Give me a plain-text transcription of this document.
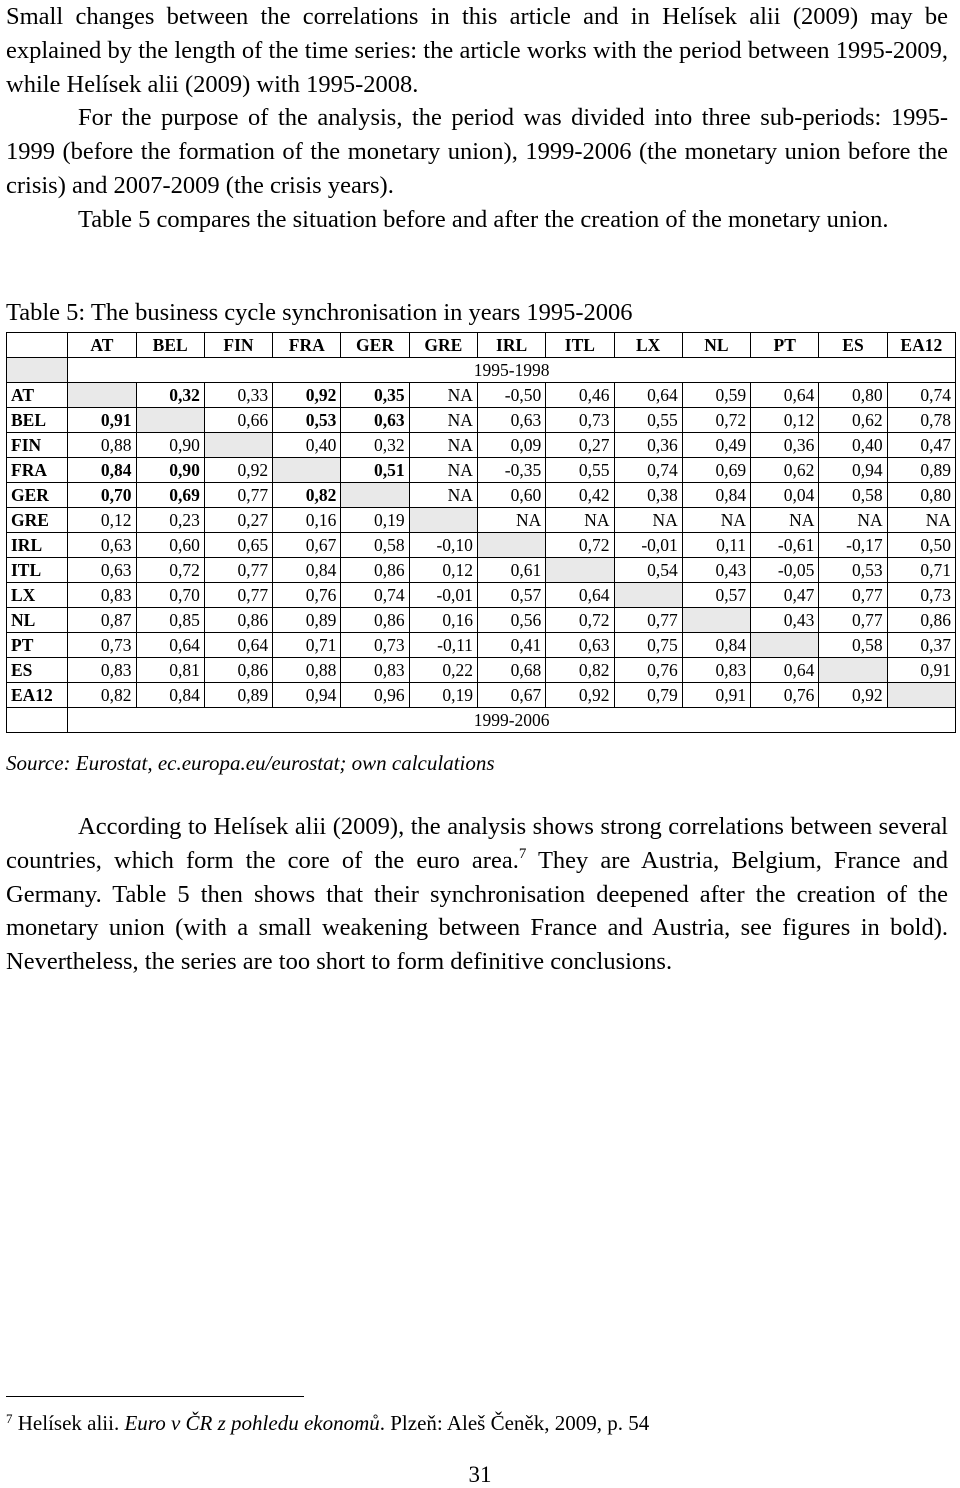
Small changes between the correlations in this article and in Helísek alii (2009) may be explained by the length of the time series: the article works with the period between 1995-2009, while Helísek alii (2009) with 1995-2008.
For the purpose of the analysis, the period was divided into three sub-periods: 1995-1999 (before the formation of the monetary union), 1999-2006 (the monetary union before the crisis) and 2007-2009 (the crisis years).
Table 5 compares the situation before and after the creation of the monetary union.

Table 5: The business cycle synchronisation in years 1995-2006

	AT	BEL	FIN	FRA	GER	GRE	IRL	ITL	LX	NL	PT	ES	EA12
	1995-1998												
AT		0,32	0,33	0,92	0,35	NA	-0,50	0,46	0,64	0,59	0,64	0,80	0,74
BEL	0,91		0,66	0,53	0,63	NA	0,63	0,73	0,55	0,72	0,12	0,62	0,78
FIN	0,88	0,90		0,40	0,32	NA	0,09	0,27	0,36	0,49	0,36	0,40	0,47
FRA	0,84	0,90	0,92		0,51	NA	-0,35	0,55	0,74	0,69	0,62	0,94	0,89
GER	0,70	0,69	0,77	0,82		NA	0,60	0,42	0,38	0,84	0,04	0,58	0,80
GRE	0,12	0,23	0,27	0,16	0,19		NA	NA	NA	NA	NA	NA	NA
IRL	0,63	0,60	0,65	0,67	0,58	-0,10		0,72	-0,01	0,11	-0,61	-0,17	0,50
ITL	0,63	0,72	0,77	0,84	0,86	0,12	0,61		0,54	0,43	-0,05	0,53	0,71
LX	0,83	0,70	0,77	0,76	0,74	-0,01	0,57	0,64		0,57	0,47	0,77	0,73
NL	0,87	0,85	0,86	0,89	0,86	0,16	0,56	0,72	0,77		0,43	0,77	0,86
PT	0,73	0,64	0,64	0,71	0,73	-0,11	0,41	0,63	0,75	0,84		0,58	0,37
ES	0,83	0,81	0,86	0,88	0,83	0,22	0,68	0,82	0,76	0,83	0,64		0,91
EA12	0,82	0,84	0,89	0,94	0,96	0,19	0,67	0,92	0,79	0,91	0,76	0,92	
	1999-2006												

Source: Eurostat, ec.europa.eu/eurostat; own calculations

According to Helísek alii (2009), the analysis shows strong correlations between several countries, which form the core of the euro area.$^7$ They are Austria, Belgium, France and Germany. Table 5 then shows that their synchronisation deepened after the creation of the monetary union (with a small weakening between France and Austria, see figures in bold). Nevertheless, the series are too short to form definitive conclusions.

$^7$ Helísek alii. Euro v ČR z pohledu ekonomů. Plzeň: Aleš Čeněk, 2009, p. 54

31
